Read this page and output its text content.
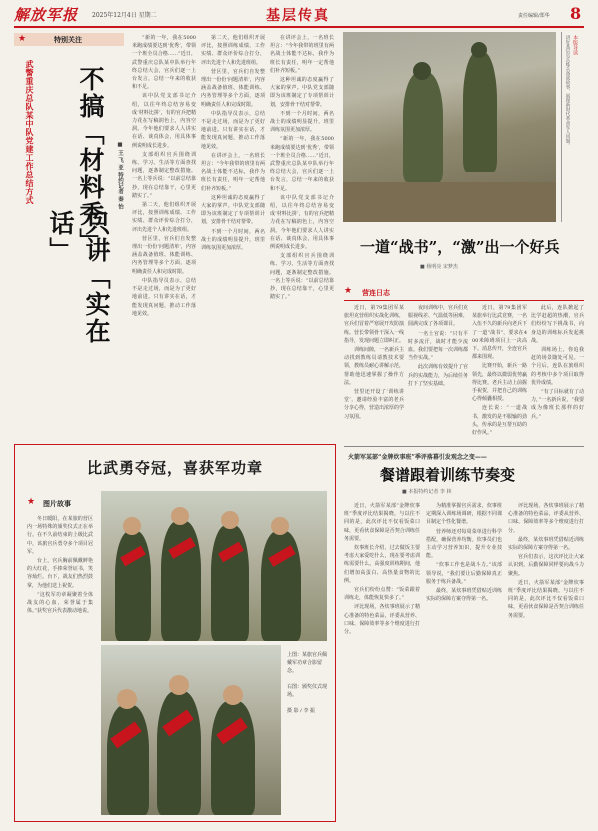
解放军报 2025年12月4日 星期二	基层传真	责任编辑/郑华 8
★	特别关注
武警重庆总队某中队党建工作总结方式 不搞「材料秀」
只讲「实在话」
■ 王 飞 亚 特约记者 秦 怡

“新的一年，我在5000米跑成绩要达到‘优秀’，带领一个班全员合格……”近日，武警重庆总队某中队举行年终总结大会，官兵们逐一上台发言，总结一年来的收获和不足。

该中队党支部书记介绍，以往年终总结容易变成‘材料比拼’，有的官兵把精力花在写稿润色上，内容空洞。今年他们要求人人讲实在话、谈真体会，用具体事例说明成长进步。

支部组织官兵围绕训练、学习、生活等方面查找问题，逐条制定整改措施。一名上等兵说：“以前总结靠抄，现在总结靠干，心里更踏实了。”

第二天，他们组织开展评比，按照训练成绩、工作实绩、群众评价综合打分，评出先进个人和先进班组。

营区里，官兵们自发整理出一份份‘问题清单’，内容涵盖战备值班、体能训练、内务管理等多个方面，逐项明确责任人和完成时限。

中队指导员表示，总结不是走过场，而是为了更好地前进。只有讲实在话，才能发现真问题，推动工作落地见效。

第二天，他们组织开展评比，按照训练成绩、工作实绩、群众评价综合打分，评出先进个人和先进班组。

营区里，官兵们自发整理出一份份‘问题清单’，内容涵盖战备值班、体能训练、内务管理等多个方面，逐项明确责任人和完成时限。

中队指导员表示，总结不是走过场，而是为了更好地前进。只有讲实在话，才能发现真问题，推动工作落地见效。

在讲评会上，一名班长坦言：“今年我带的班里有两名战士体能不达标，我作为班长有责任，明年一定帮他们补齐短板。”

这种坦诚的态度赢得了大家的掌声。中队党支部随即为该班制定了专项帮训计划，安排骨干结对帮带。

不到一个月时间，两名战士的成绩明显提升，班里训练氛围更加浓厚。

在讲评会上，一名班长坦言：“今年我带的班里有两名战士体能不达标，我作为班长有责任，明年一定帮他们补齐短板。”

这种坦诚的态度赢得了大家的掌声。中队党支部随即为该班制定了专项帮训计划，安排骨干结对帮带。

不到一个月时间，两名战士的成绩明显提升，班里训练氛围更加浓厚。

“新的一年，我在5000米跑成绩要达到‘优秀’，带领一个班全员合格……”近日，武警重庆总队某中队举行年终总结大会，官兵们逐一上台发言，总结一年来的收获和不足。

该中队党支部书记介绍，以往年终总结容易变成‘材料比拼’，有的官兵把精力花在写稿润色上，内容空洞。今年他们要求人人讲实在话、谈真体会，用具体事例说明成长进步。

支部组织官兵围绕训练、学习、生活等方面查找问题，逐条制定整改措施。一名上等兵说：“以前总结靠抄，现在总结靠干，心里更踏实了。”

本版导读
讲好基层官兵练兵备战故事，展现新时代革命军人风貌。
一道“战书”，“激”出一个好兵
■ 杨明亮 宋梦杰
★ 营连日志

近日，第79集团军某旅坦克营组织实战化训练，官兵们冒着严寒展开攻防演练。营长带领骨干深入一线指导，发现问题立即纠正。

训练间隙，一名新兵主动找到教练员请教技术要领，教练员耐心讲解示范，帮助他迅速掌握了操作方法。

营里还开设了‘训练讲堂’，邀请经验丰富的老兵分享心得，营造出浓厚的学习氛围。

夜间训练中，官兵们克服视线差、气温低等困难，圆满完成了各项课目。

一名士官说：“只有平时多流汗，战时才能少流血。我们要把每一次训练都当作实战。”

此次训练有效提升了官兵的实战能力，为后续任务打下了坚实基础。

近日，第79集团军某旅举行比武竞赛，一名入伍不久的新兵向老兵下了一道“战书”，要求在400米障碍项目上一决高下。消息传开，全连官兵都来围观。

比赛开始，新兵一路领先，最终以微弱优势赢得比赛。老兵主动上前握手祝贺，并把自己的训练心得倾囊相授。

连长说：“一道战书，激发的是不服输的劲头，传承的是互帮互助的好作风。”

此后，连队掀起了比学赶超的热潮，官兵们纷纷写下挑战书，向身边的训练标兵发起挑战。

训练场上，你追我赶的场景随处可见。一个月后，连队在旅组织的考核中多个项目取得优异成绩。

“有了目标就有了动力，”一名新兵说，“我要成为像班长那样的好兵。”

比武勇夺冠，喜获军功章
★ 图片故事

冬日暖阳，在某旅的营区内一场特殊的颁奖仪式正在举行。在不久前结束的上级比武中，该旅官兵勇夺多个项目冠军。

台上，官兵胸前佩戴鲜艳的大红花，手捧荣誉证书，笑容灿烂。台下，战友们热烈鼓掌，为他们送上祝贺。

“这枚军功章凝聚着全体战友的心血，荣誉属于集体。”获奖官兵代表激动地说。

上图：某旅官兵佩戴军功章合影留念。
右图：颁奖仪式现场。
摄 影 / 李 振
火箭军某部“金牌炊事班”季评落幕引发观念之变——
餐谱跟着训练节奏变
■ 本报特约记者 李 林

近日，火箭军某部“金牌炊事班”季度评比结果揭晓。与以往不同的是，此次评比不仅看饭菜口味，更看伙食保障是否契合训练任务需要。

炊事班长介绍，过去做饭主要考虑大家爱吃什么，现在要考虑训练需要什么。高强度训练期间，他们增加高蛋白、高热量食物的比例。

官兵们纷纷点赞：“饭菜跟着训练走，体能恢复快多了。”

评比现场，各炊事班展示了精心准备的特色菜品，评委从营养、口味、保障效率等多个维度进行打分。

为精准掌握官兵需求，炊事班定期深入训练场调研，根据不同课目制定个性化餐谱。

营养师还对每周菜单进行科学搭配，确保营养均衡。炊事员们也主动学习营养知识，提升专业技能。

“炊事工作也是战斗力。”该部领导说，“我们要让后勤保障真正服务于练兵备战。”

最终，某炊事班凭借贴近训练实际的保障方案夺得第一名。

评比现场，各炊事班展示了精心准备的特色菜品，评委从营养、口味、保障效率等多个维度进行打分。

最终，某炊事班凭借贴近训练实际的保障方案夺得第一名。

官兵们表示，这次评比让大家认识到，后勤保障同样要向战斗力聚焦。

近日，火箭军某部“金牌炊事班”季度评比结果揭晓。与以往不同的是，此次评比不仅看饭菜口味，更看伙食保障是否契合训练任务需要。
